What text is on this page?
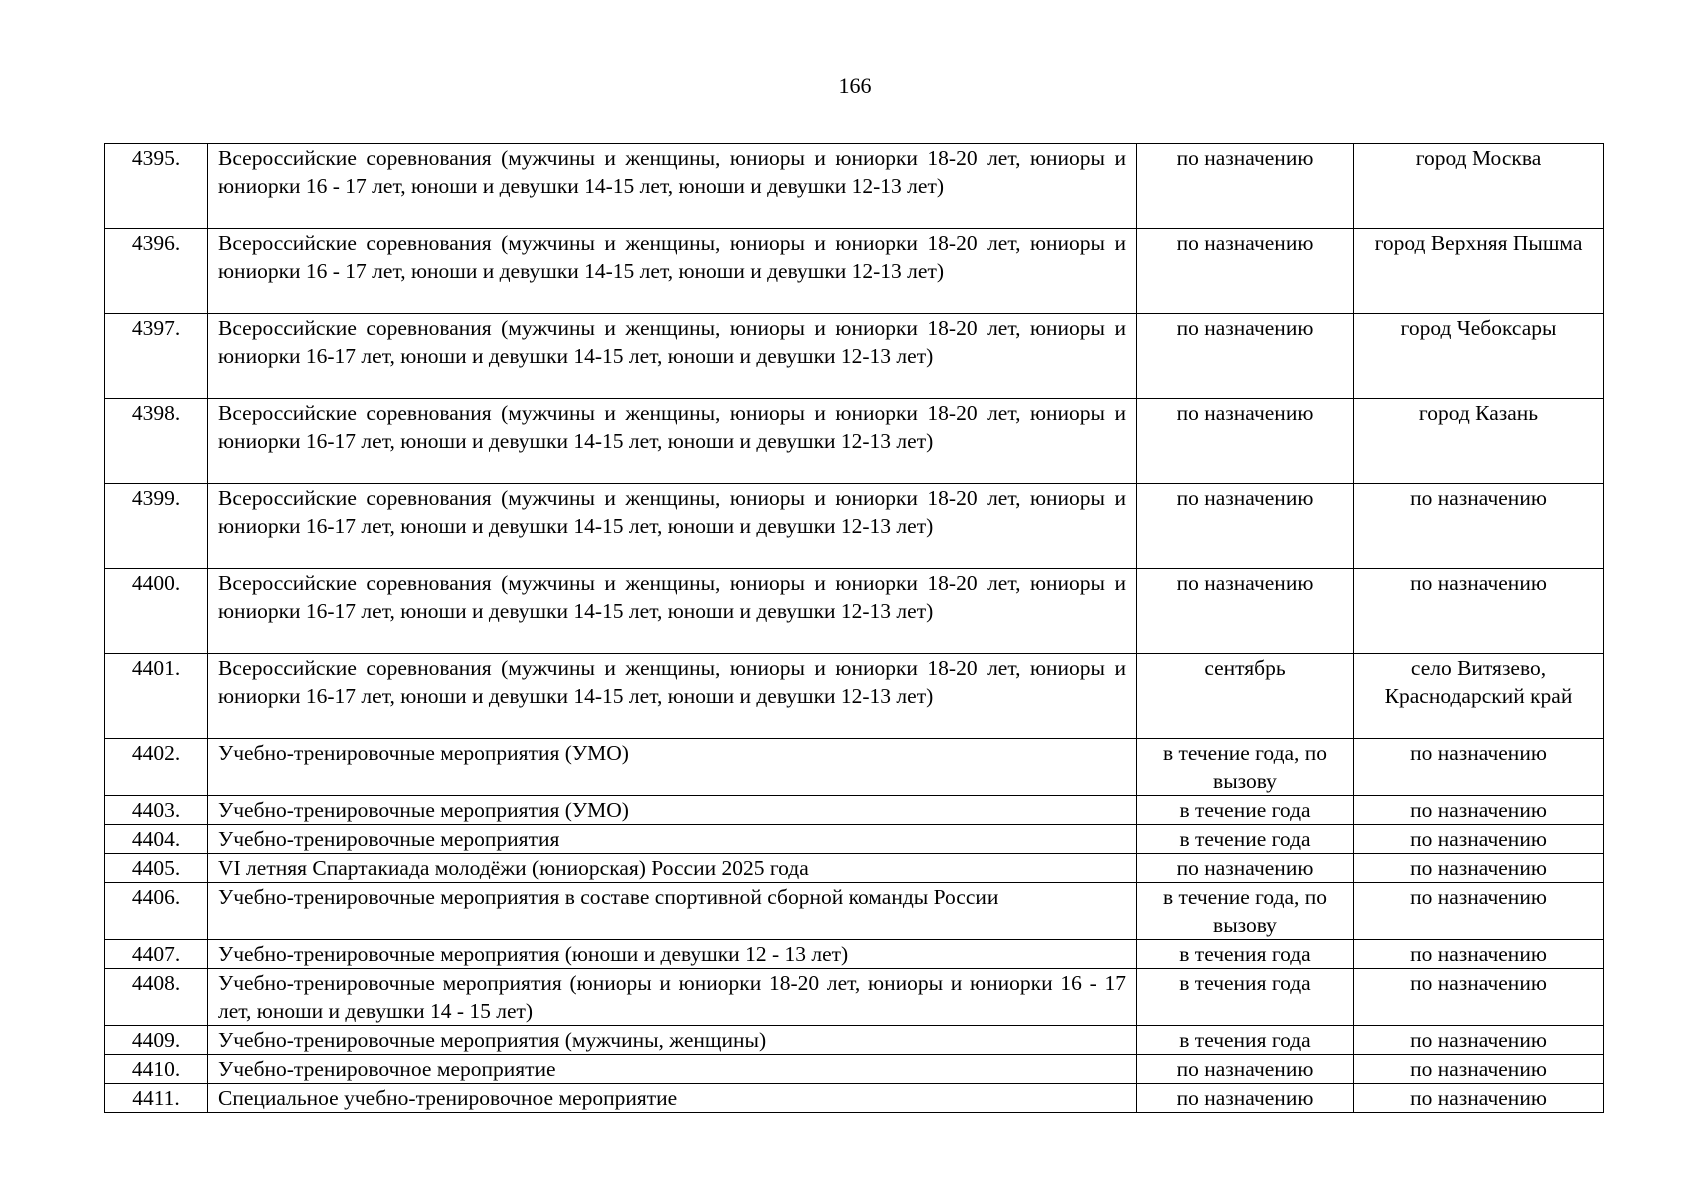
166
4395.	Всероссийские соревнования (мужчины и женщины, юниоры и юниорки 18-20 лет, юниоры и юниорки 16 - 17 лет, юноши и девушки 14-15 лет, юноши и девушки 12-13 лет)	по назначению	город Москва
4396.	Всероссийские соревнования (мужчины и женщины, юниоры и юниорки 18-20 лет, юниоры и юниорки 16 - 17 лет, юноши и девушки 14-15 лет, юноши и девушки 12-13 лет)	по назначению	город Верхняя Пышма
4397.	Всероссийские соревнования (мужчины и женщины, юниоры и юниорки 18-20 лет, юниоры и юниорки 16-17 лет, юноши и девушки 14-15 лет, юноши и девушки 12-13 лет)	по назначению	город Чебоксары
4398.	Всероссийские соревнования (мужчины и женщины, юниоры и юниорки 18-20 лет, юниоры и юниорки 16-17 лет, юноши и девушки 14-15 лет, юноши и девушки 12-13 лет)	по назначению	город Казань
4399.	Всероссийские соревнования (мужчины и женщины, юниоры и юниорки 18-20 лет, юниоры и юниорки 16-17 лет, юноши и девушки 14-15 лет, юноши и девушки 12-13 лет)	по назначению	по назначению
4400.	Всероссийские соревнования (мужчины и женщины, юниоры и юниорки 18-20 лет, юниоры и юниорки 16-17 лет, юноши и девушки 14-15 лет, юноши и девушки 12-13 лет)	по назначению	по назначению
4401.	Всероссийские соревнования (мужчины и женщины, юниоры и юниорки 18-20 лет, юниоры и юниорки 16-17 лет, юноши и девушки 14-15 лет, юноши и девушки 12-13 лет)	сентябрь	село Витязево, Краснодарский край
4402.	Учебно-тренировочные мероприятия (УМО)	в течение года, по вызову	по назначению
4403.	Учебно-тренировочные мероприятия (УМО)	в течение года	по назначению
4404.	Учебно-тренировочные мероприятия	в течение года	по назначению
4405.	VI летняя Спартакиада молодёжи (юниорская) России 2025 года	по назначению	по назначению
4406.	Учебно-тренировочные мероприятия в составе спортивной сборной команды России	в течение года, по вызову	по назначению
4407.	Учебно-тренировочные мероприятия (юноши и девушки 12 - 13 лет)	в течения года	по назначению
4408.	Учебно-тренировочные мероприятия (юниоры и юниорки 18-20 лет, юниоры и юниорки 16 - 17 лет, юноши и девушки 14 - 15 лет)	в течения года	по назначению
4409.	Учебно-тренировочные мероприятия (мужчины, женщины)	в течения года	по назначению
4410.	Учебно-тренировочное мероприятие	по назначению	по назначению
4411.	Специальное учебно-тренировочное мероприятие	по назначению	по назначению
